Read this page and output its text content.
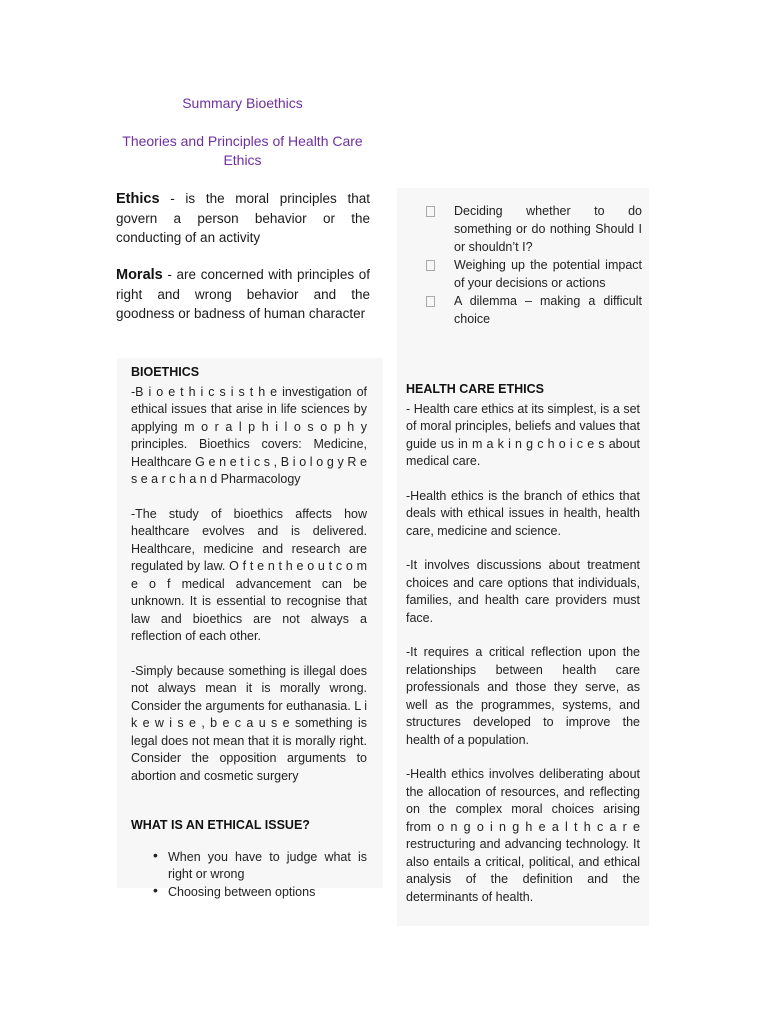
Summary Bioethics
Theories and Principles of Health Care
Ethics
Ethics - is the moral principles that govern a person behavior or the conducting of an activity
Morals - are concerned with principles of right and wrong behavior and the goodness or badness of human character
BIOETHICS

-B i o e t h i c s i s t h e investigation of ethical issues that arise in life sciences by applying m o r a l p h i l o s o p h y principles. Bioethics covers: Medicine, Healthcare G e n e t i c s , B i o l o g y R e s e a r c h a n d Pharmacology

-The study of bioethics affects how healthcare evolves and is delivered. Healthcare, medicine and research are regulated by law. O f t e n t h e o u t c o m e o f medical advancement can be unknown. It is essential to recognise that law and bioethics are not always a reflection of each other.

-Simply because something is illegal does not always mean it is morally wrong. Consider the arguments for euthanasia. L i k e w i s e , b e c a u s e something is legal does not mean that it is morally right. Consider the opposition arguments to abortion and cosmetic surgery

WHAT IS AN ETHICAL ISSUE?
• When you have to judge what is right or wrong
• Choosing between options
Deciding whether to do something or do nothing Should I or shouldn’t I?
Weighing up the potential impact of your decisions or actions
A dilemma – making a difficult choice
HEALTH CARE ETHICS

- Health care ethics at its simplest, is a set of moral principles, beliefs and values that guide us in m a k i n g c h o i c e s about medical care.

-Health ethics is the branch of ethics that deals with ethical issues in health, health care, medicine and science.

-It involves discussions about treatment choices and care options that individuals, families, and health care providers must face.

-It requires a critical reflection upon the relationships between health care professionals and those they serve, as well as the programmes, systems, and structures developed to improve the health of a population.

-Health ethics involves deliberating about the allocation of resources, and reflecting on the complex moral choices arising from o n g o i n g h e a l t h c a r e restructuring and advancing technology. It also entails a critical, political, and ethical analysis of the definition and the determinants of health.
